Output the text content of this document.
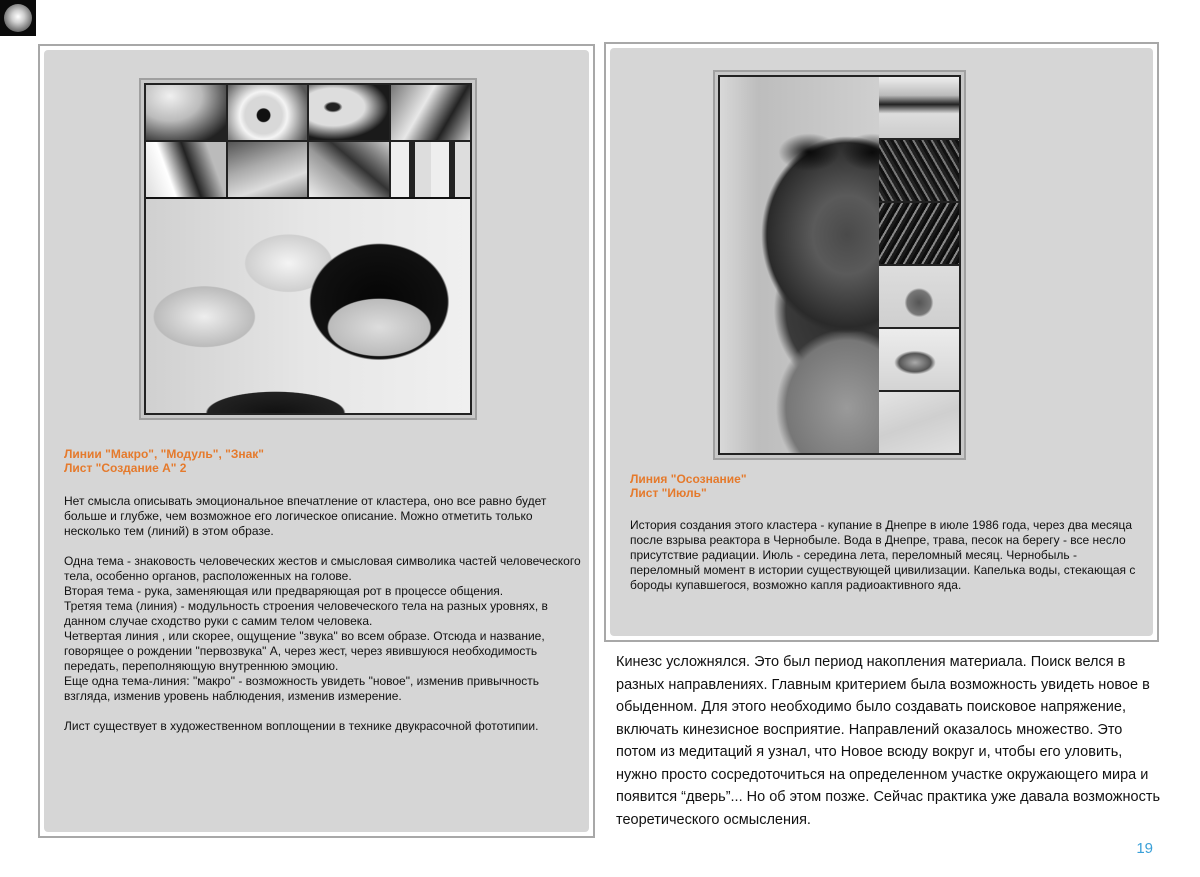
Линии "Макро", "Модуль", "Знак"
Лист "Создание А" 2

Нет смысла описывать эмоциональное впечатление от кластера, оно все равно будет больше и глубже, чем возможное его логическое описание. Можно отметить только несколько тем (линий) в этом образе.

Одна тема - знаковость человеческих жестов и смысловая символика частей человеческого тела, особенно органов, расположенных на голове.

Вторая тема - рука, заменяющая или предваряющая рот в процессе общения.

Третяя тема (линия) - модульность строения человеческого тела на разных уровнях, в данном случае сходство руки с самим телом человека.

Четвертая линия , или скорее, ощущение "звука" во всем образе. Отсюда и название, говорящее о рождении "первозвука" А, через жест, через явившуюся необходимость передать, переполняющую внутреннюю эмоцию.

Еще одна тема-линия: "макро" - возможность увидеть "новое", изменив привычность взгляда, изменив уровень наблюдения, изменив измерение.

Лист существует в художественном воплощении в технике двукрасочной фототипии.

Линия "Осознание"
Лист "Июль"

История создания этого кластера - купание в Днепре в июле 1986 года, через два месяца после взрыва реактора в Чернобыле. Вода в Днепре, трава, песок на берегу - все несло присутствие радиации. Июль - середина лета, переломный месяц. Чернобыль - переломный момент в истории существующей цивилизации. Капелька воды, стекающая с бороды купавшегося, возможно капля радиоактивного яда.

Кинезс усложнялся. Это был период накопления материала. Поиск велся в разных направлениях. Главным критерием была возможность увидеть новое в обыденном. Для этого необходимо было создавать поисковое напряжение, включать кинезисное восприятие. Направлений оказалось множество. Это потом из медитаций я узнал, что Новое всюду вокруг и, чтобы его уловить, нужно просто сосредоточиться на определенном участке окружающего мира и появится “дверь”... Но об этом позже. Сейчас практика уже давала возможность теоретического осмысления.
19
